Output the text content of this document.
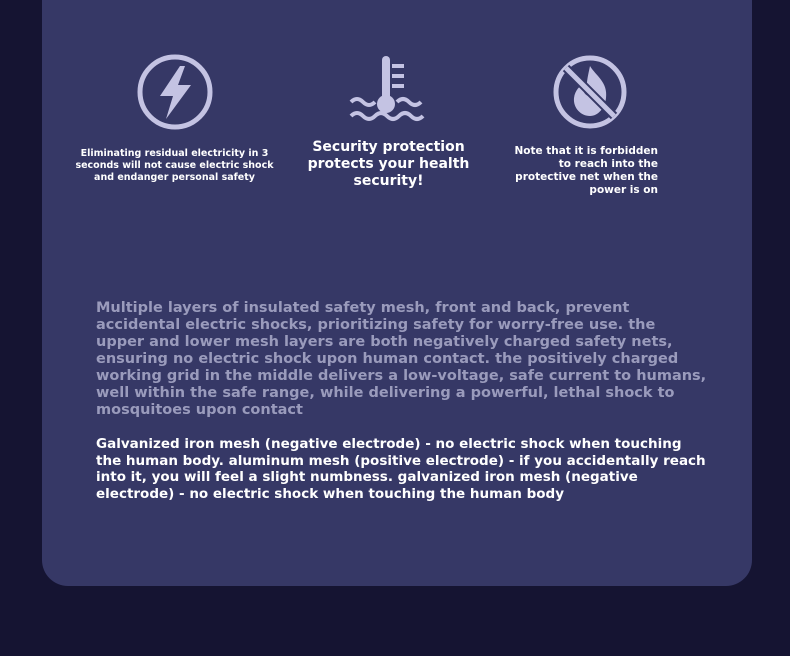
Eliminating residual electricity in 3 seconds will not cause electric shock and endanger personal safety
Security protection protects your health security!
Note that it is forbidden to reach into the protective net when the power is on

Multiple layers of insulated safety mesh, front and back, prevent accidental electric shocks, prioritizing safety for worry-free use. the upper and lower mesh layers are both negatively charged safety nets, ensuring no electric shock upon human contact. the positively charged working grid in the middle delivers a low-voltage, safe current to humans, well within the safe range, while delivering a powerful, lethal shock to mosquitoes upon contact

Galvanized iron mesh (negative electrode) - no electric shock when touching the human body. aluminum mesh (positive electrode) - if you accidentally reach into it, you will feel a slight numbness. galvanized iron mesh (negative electrode) - no electric shock when touching the human body
